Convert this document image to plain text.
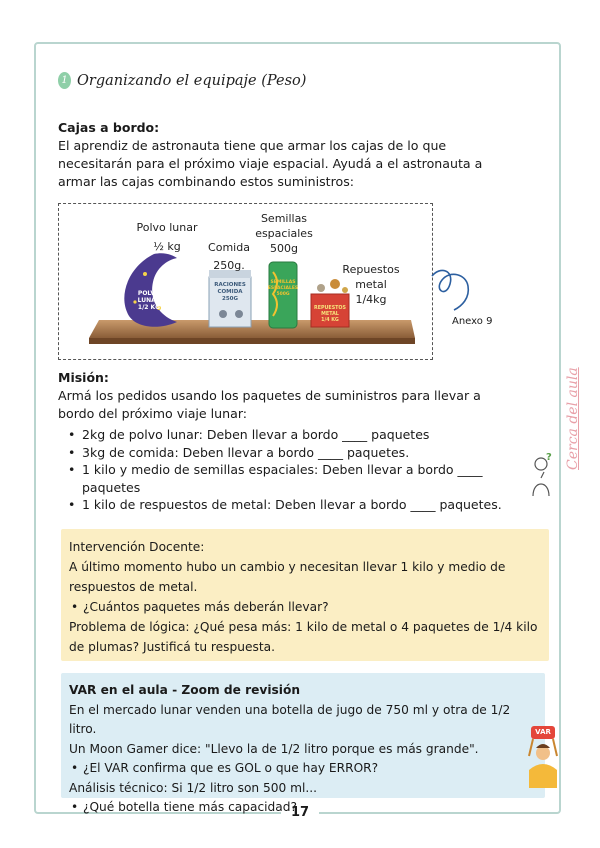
17
1 Organizando el equipaje (Peso)
Cajas a bordo:
El aprendiz de astronauta tiene que armar los cajas de lo que
necesitarán para el próximo viaje espacial. Ayudá a el astronauta a
armar las cajas combinando estos suministros:
Polvo lunar
½ kg
POLVO
LUNAR
1/2 KG
Comida
250g.
RACIONES
COMIDA
250G
Semillas
espaciales
500g
SEMILLAS
ESPACIALES
500G
Repuestos
metal
1/4kg
REPUESTOS
METAL
1/4 KG	Anexo 9
Misión:
Armá los pedidos usando los paquetes de suministros para llevar a
bordo del próximo viaje lunar:
• 2kg de polvo lunar: Deben llevar a bordo ____ paquetes
• 3kg de comida: Deben llevar a bordo ____ paquetes.
• 1 kilo y medio de semillas espaciales: Deben llevar a bordo ____
paquetes
• 1 kilo de respuestos de metal: Deben llevar a bordo ____ paquetes.
? Cerca del aula
Intervención Docente:
A último momento hubo un cambio y necesitan llevar 1 kilo y medio de
respuestos de metal.
• ¿Cuántos paquetes más deberán llevar?
Problema de lógica: ¿Qué pesa más: 1 kilo de metal o 4 paquetes de 1/4 kilo
de plumas? Justificá tu respuesta.
VAR en el aula - Zoom de revisión
En el mercado lunar venden una botella de jugo de 750 ml y otra de 1/2 litro.
Un Moon Gamer dice: "Llevo la de 1/2 litro porque es más grande".
• ¿El VAR confirma que es GOL o que hay ERROR?
Análisis técnico: Si 1/2 litro son 500 ml...
• ¿Qué botella tiene más capacidad?
VAR
